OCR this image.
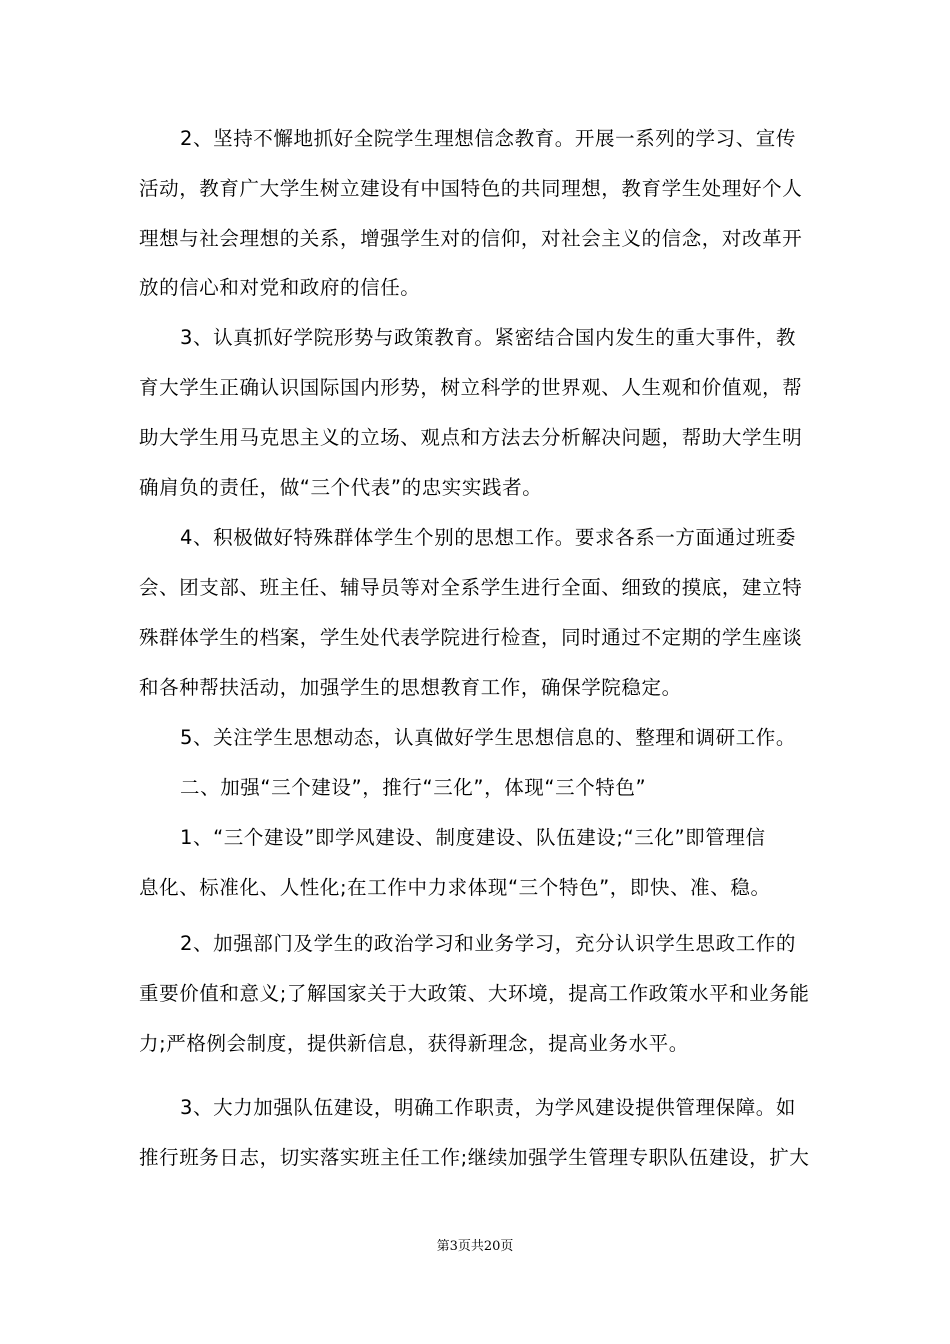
2、坚持不懈地抓好全院学生理想信念教育。开展一系列的学习、宣传
活动，教育广大学生树立建设有中国特色的共同理想，教育学生处理好个人
理想与社会理想的关系，增强学生对的信仰，对社会主义的信念，对改革开
放的信心和对党和政府的信任。
3、认真抓好学院形势与政策教育。紧密结合国内发生的重大事件，教
育大学生正确认识国际国内形势，树立科学的世界观、人生观和价值观，帮
助大学生用马克思主义的立场、观点和方法去分析解决问题，帮助大学生明
确肩负的责任，做“三个代表”的忠实实践者。
4、积极做好特殊群体学生个别的思想工作。要求各系一方面通过班委
会、团支部、班主任、辅导员等对全系学生进行全面、细致的摸底，建立特
殊群体学生的档案，学生处代表学院进行检查，同时通过不定期的学生座谈
和各种帮扶活动，加强学生的思想教育工作，确保学院稳定。
5、关注学生思想动态，认真做好学生思想信息的、整理和调研工作。
二、加强“三个建设”，推行“三化”，体现“三个特色”
1、“三个建设”即学风建设、制度建设、队伍建设;“三化”即管理信
息化、标准化、人性化;在工作中力求体现“三个特色”，即快、准、稳。
2、加强部门及学生的政治学习和业务学习，充分认识学生思政工作的
重要价值和意义;了解国家关于大政策、大环境，提高工作政策水平和业务能
力;严格例会制度，提供新信息，获得新理念，提高业务水平。
3、大力加强队伍建设，明确工作职责，为学风建设提供管理保障。如
推行班务日志，切实落实班主任工作;继续加强学生管理专职队伍建设，扩大
第3页共20页
